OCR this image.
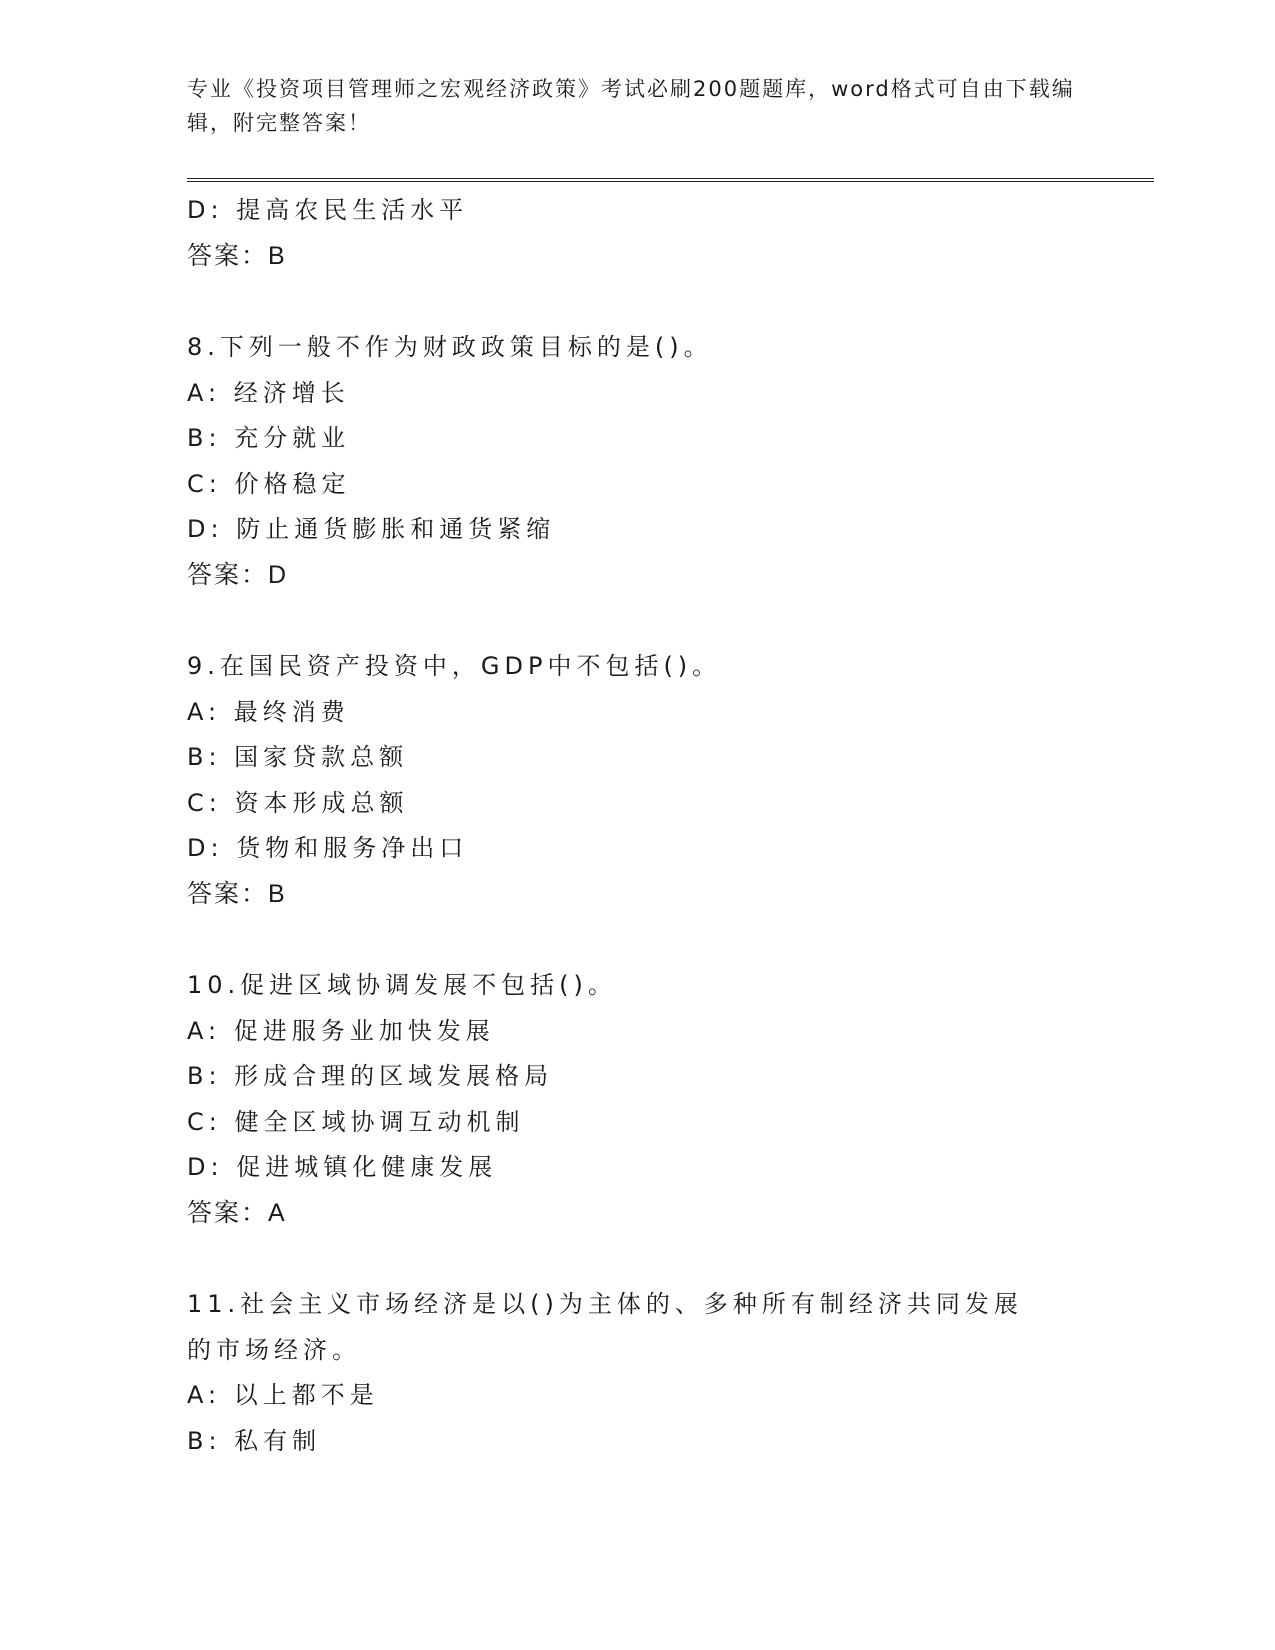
专业《投资项目管理师之宏观经济政策》考试必刷200题题库，word格式可自由下载编辑，附完整答案！
D: 提高农民生活水平
答案：B
8.下列一般不作为财政政策目标的是()。
A: 经济增长
B: 充分就业
C: 价格稳定
D: 防止通货膨胀和通货紧缩
答案：D
9.在国民资产投资中，GDP中不包括()。
A: 最终消费
B: 国家贷款总额
C: 资本形成总额
D: 货物和服务净出口
答案：B
10.促进区域协调发展不包括()。
A: 促进服务业加快发展
B: 形成合理的区域发展格局
C: 健全区域协调互动机制
D: 促进城镇化健康发展
答案：A
11.社会主义市场经济是以()为主体的、多种所有制经济共同发展的市场经济。
A: 以上都不是
B: 私有制
